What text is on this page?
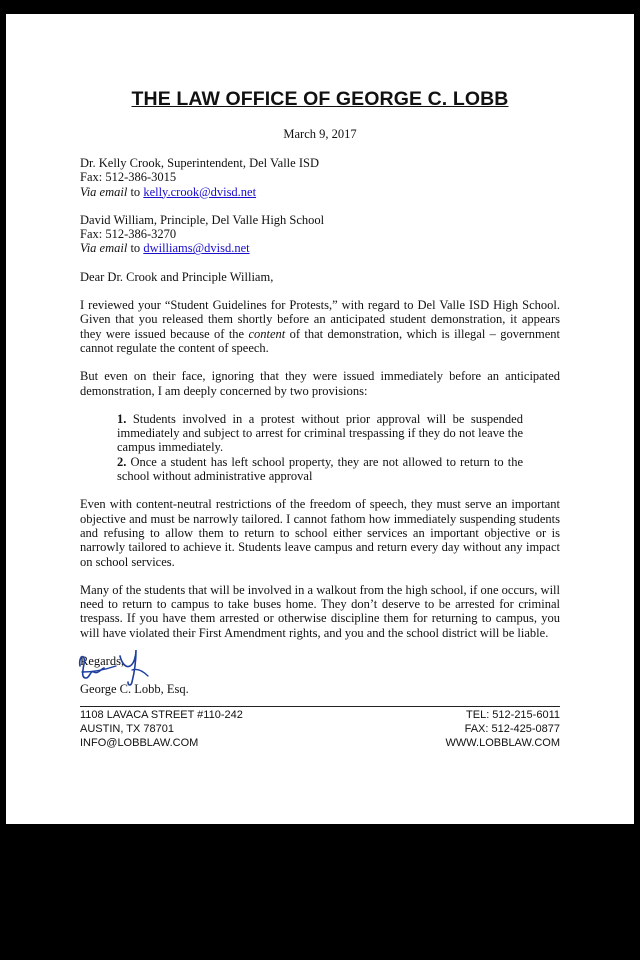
THE LAW OFFICE OF GEORGE C. LOBB
March 9, 2017

Dr. Kelly Crook, Superintendent, Del Valle ISD
Fax: 512-386-3015
Via email to kelly.crook@dvisd.net

David William, Principle, Del Valle High School
Fax: 512-386-3270
Via email to dwilliams@dvisd.net

Dear Dr. Crook and Principle William,

I reviewed your “Student Guidelines for Protests,” with regard to Del Valle ISD High School. Given that you released them shortly before an anticipated student demonstration, it appears they were issued because of the content of that demonstration, which is illegal – government cannot regulate the content of speech.

But even on their face, ignoring that they were issued immediately before an anticipated demonstration, I am deeply concerned by two provisions:

1. Students involved in a protest without prior approval will be suspended immediately and subject to arrest for criminal trespassing if they do not leave the campus immediately.

2. Once a student has left school property, they are not allowed to return to the school without administrative approval

Even with content-neutral restrictions of the freedom of speech, they must serve an important objective and must be narrowly tailored. I cannot fathom how immediately suspending students and refusing to allow them to return to school either services an important objective or is narrowly tailored to achieve it. Students leave campus and return every day without any impact on school services.

Many of the students that will be involved in a walkout from the high school, if one occurs, will need to return to campus to take buses home. They don’t deserve to be arrested for criminal trespass. If you have them arrested or otherwise discipline them for returning to campus, you will have violated their First Amendment rights, and you and the school district will be liable.

Regards,
George C. Lobb, Esq.
1108 LAVACA STREET #110-242	TEL: 512-215-6011
AUSTIN, TX 78701	FAX: 512-425-0877
INFO@LOBBLAW.COM	WWW.LOBBLAW.COM
